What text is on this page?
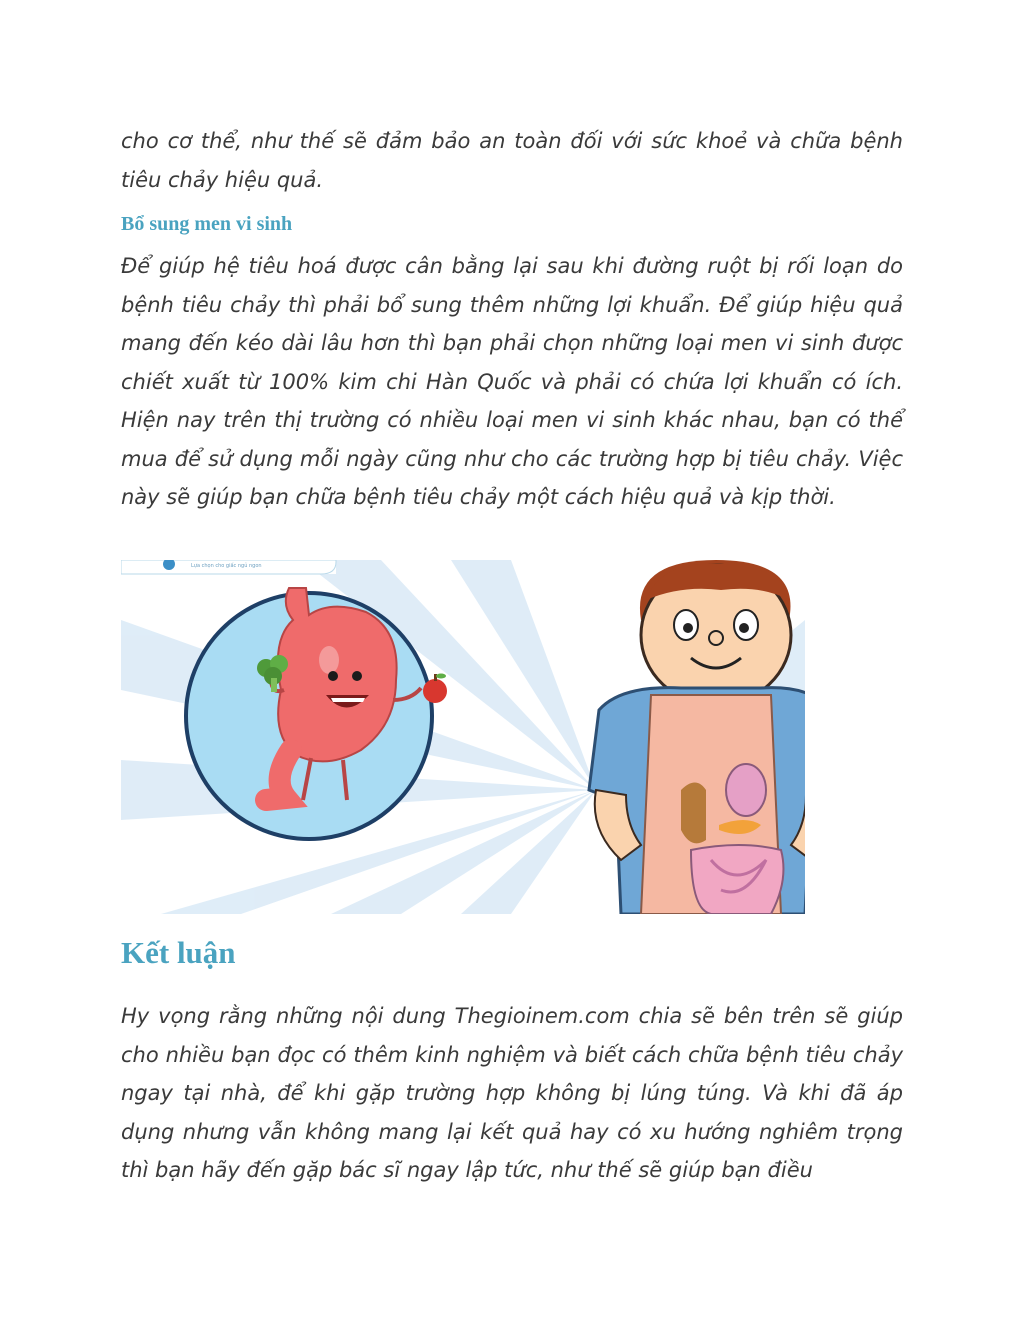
cho cơ thể, như thế sẽ đảm bảo an toàn đối với sức khoẻ và chữa bệnh tiêu chảy hiệu quả.

Bổ sung men vi sinh

Để giúp hệ tiêu hoá được cân bằng lại sau khi đường ruột bị rối loạn do bệnh tiêu chảy thì phải bổ sung thêm những lợi khuẩn. Để giúp hiệu quả mang đến kéo dài lâu hơn thì bạn phải chọn những loại men vi sinh được chiết xuất từ 100% kim chi Hàn Quốc và phải có chứa lợi khuẩn có ích. Hiện nay trên thị trường có nhiều loại men vi sinh khác nhau, bạn có thể mua để sử dụng mỗi ngày cũng như cho các trường hợp bị tiêu chảy. Việc này sẽ giúp bạn chữa bệnh tiêu chảy một cách hiệu quả và kịp thời.

Lựa chọn cho giấc ngủ ngon
Kết luận

Hy vọng rằng những nội dung Thegioinem.com chia sẽ bên trên sẽ giúp cho nhiều bạn đọc có thêm kinh nghiệm và biết cách chữa bệnh tiêu chảy ngay tại nhà, để khi gặp trường hợp không bị lúng túng. Và khi đã áp dụng nhưng vẫn không mang lại kết quả hay có xu hướng nghiêm trọng thì bạn hãy đến gặp bác sĩ ngay lập tức, như thế sẽ giúp bạn điều
